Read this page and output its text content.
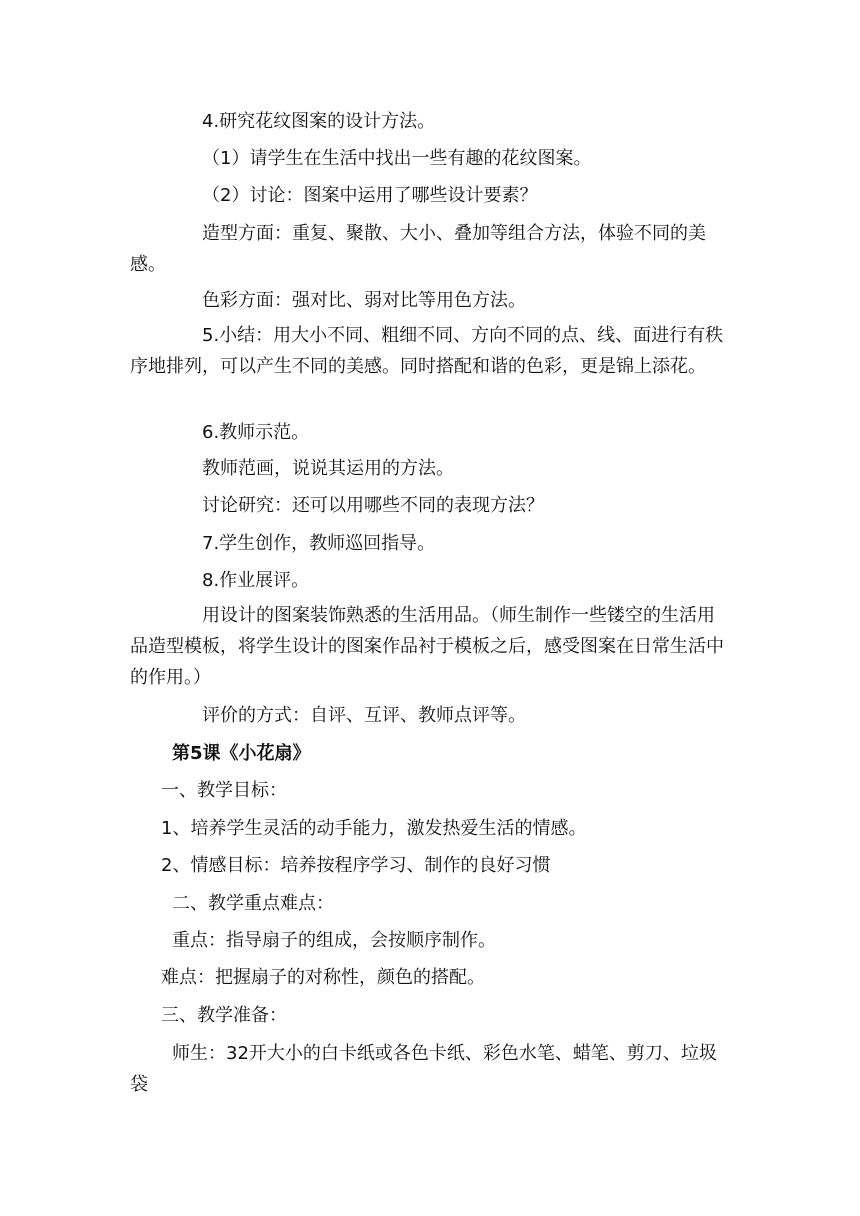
4.研究花纹图案的设计方法。

（1）请学生在生活中找出一些有趣的花纹图案。

（2）讨论：图案中运用了哪些设计要素？

造型方面：重复、聚散、大小、叠加等组合方法，体验不同的美感。

色彩方面：强对比、弱对比等用色方法。

5.小结：用大小不同、粗细不同、方向不同的点、线、面进行有秩序地排列，可以产生不同的美感。同时搭配和谐的色彩，更是锦上添花。

6.教师示范。

教师范画，说说其运用的方法。

讨论研究：还可以用哪些不同的表现方法？

7.学生创作，教师巡回指导。

8.作业展评。

用设计的图案装饰熟悉的生活用品。（师生制作一些镂空的生活用品造型模板，将学生设计的图案作品衬于模板之后，感受图案在日常生活中的作用。）

评价的方式：自评、互评、教师点评等。

第5课《小花扇》

一、教学目标：

1、培养学生灵活的动手能力，激发热爱生活的情感。

2、情感目标：培养按程序学习、制作的良好习惯

二、教学重点难点：

重点：指导扇子的组成，会按顺序制作。

难点：把握扇子的对称性，颜色的搭配。

三、教学准备：

师生：32开大小的白卡纸或各色卡纸、彩色水笔、蜡笔、剪刀、垃圾袋
